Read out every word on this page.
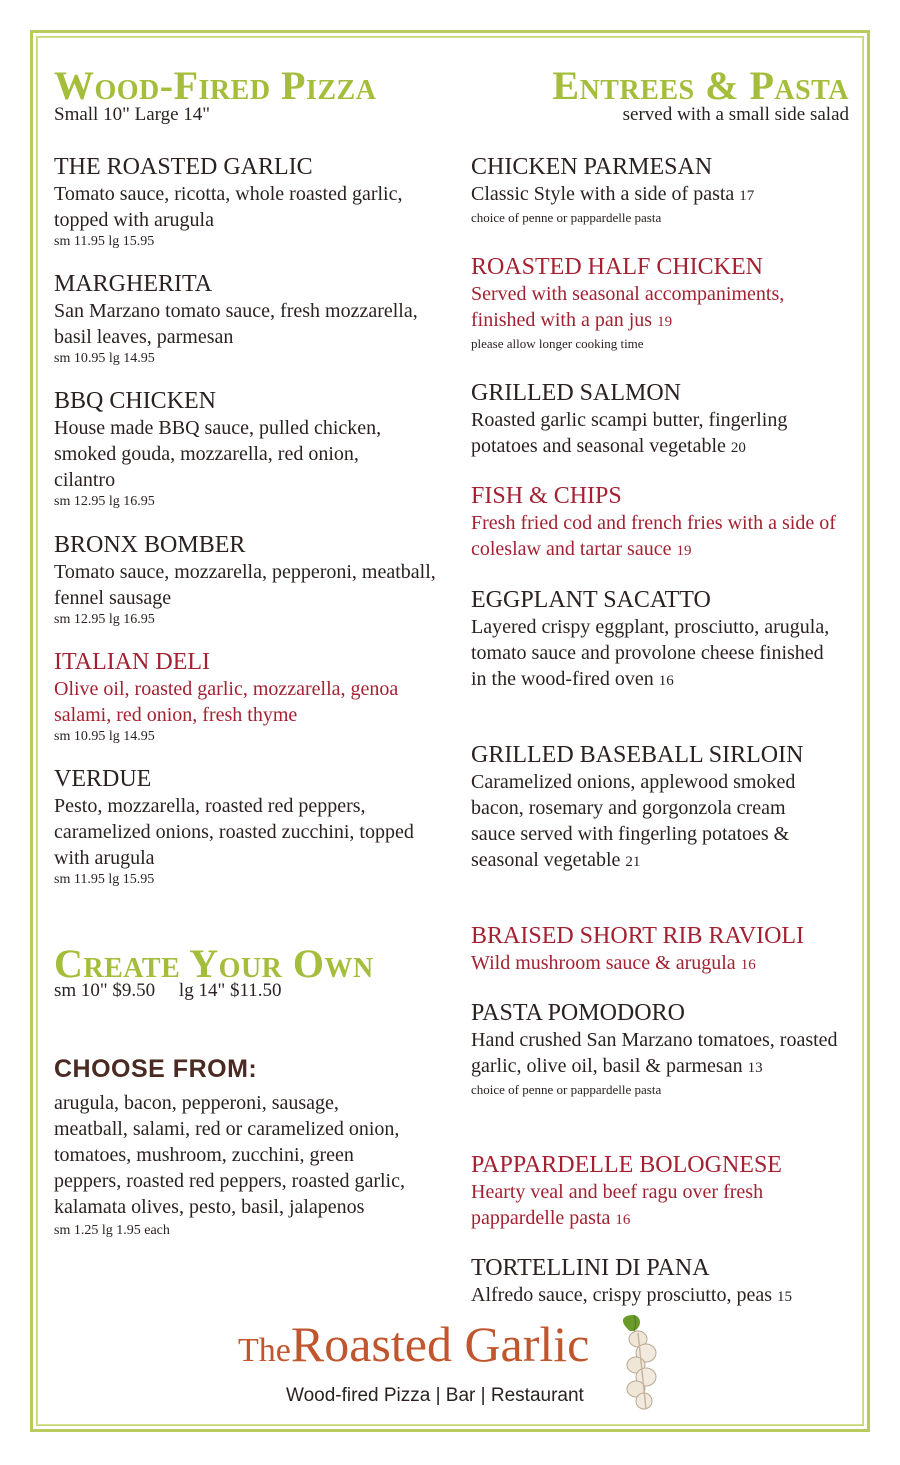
Wood-Fired Pizza
Small 10" Large 14"
THE ROASTED GARLIC
Tomato sauce, ricotta, whole roasted garlic, topped with arugula
sm 11.95 lg 15.95
MARGHERITA
San Marzano tomato sauce, fresh mozzarella, basil leaves, parmesan
sm 10.95 lg 14.95
BBQ CHICKEN
House made BBQ sauce, pulled chicken, smoked gouda, mozzarella, red onion, cilantro
sm 12.95 lg 16.95
BRONX BOMBER
Tomato sauce, mozzarella, pepperoni, meatball, fennel sausage
sm 12.95 lg 16.95
ITALIAN DELI
Olive oil, roasted garlic, mozzarella, genoa salami, red onion, fresh thyme
sm 10.95 lg 14.95
VERDUE
Pesto, mozzarella, roasted red peppers, caramelized onions, roasted zucchini, topped with arugula
sm 11.95 lg 15.95
Create Your Own
sm 10" $9.50     lg 14" $11.50
CHOOSE FROM:
arugula, bacon, pepperoni, sausage, meatball, salami, red or caramelized onion, tomatoes, mushroom, zucchini, green peppers, roasted red peppers, roasted garlic, kalamata olives, pesto, basil, jalapenos
sm 1.25 lg 1.95 each
Entrees & Pasta
served with a small side salad
CHICKEN PARMESAN
Classic Style with a side of pasta 17
choice of penne or pappardelle pasta
ROASTED HALF CHICKEN
Served with seasonal accompaniments, finished with a pan jus 19
please allow longer cooking time
GRILLED SALMON
Roasted garlic scampi butter, fingerling potatoes and seasonal vegetable 20
FISH & CHIPS
Fresh fried cod and french fries with a side of coleslaw and tartar sauce 19
EGGPLANT SACATTO
Layered crispy eggplant, prosciutto, arugula, tomato sauce and provolone cheese finished in the wood-fired oven 16
GRILLED BASEBALL SIRLOIN
Caramelized onions, applewood smoked bacon, rosemary and gorgonzola cream sauce served with fingerling potatoes & seasonal vegetable 21
BRAISED SHORT RIB RAVIOLI
Wild mushroom sauce & arugula 16
PASTA POMODORO
Hand crushed San Marzano tomatoes, roasted garlic, olive oil, basil & parmesan 13
choice of penne or pappardelle pasta
PAPPARDELLE BOLOGNESE
Hearty veal and beef ragu over fresh pappardelle pasta 16
TORTELLINI DI PANA
Alfredo sauce, crispy prosciutto, peas 15
TheRoasted Garlic
Wood-fired Pizza | Bar | Restaurant
